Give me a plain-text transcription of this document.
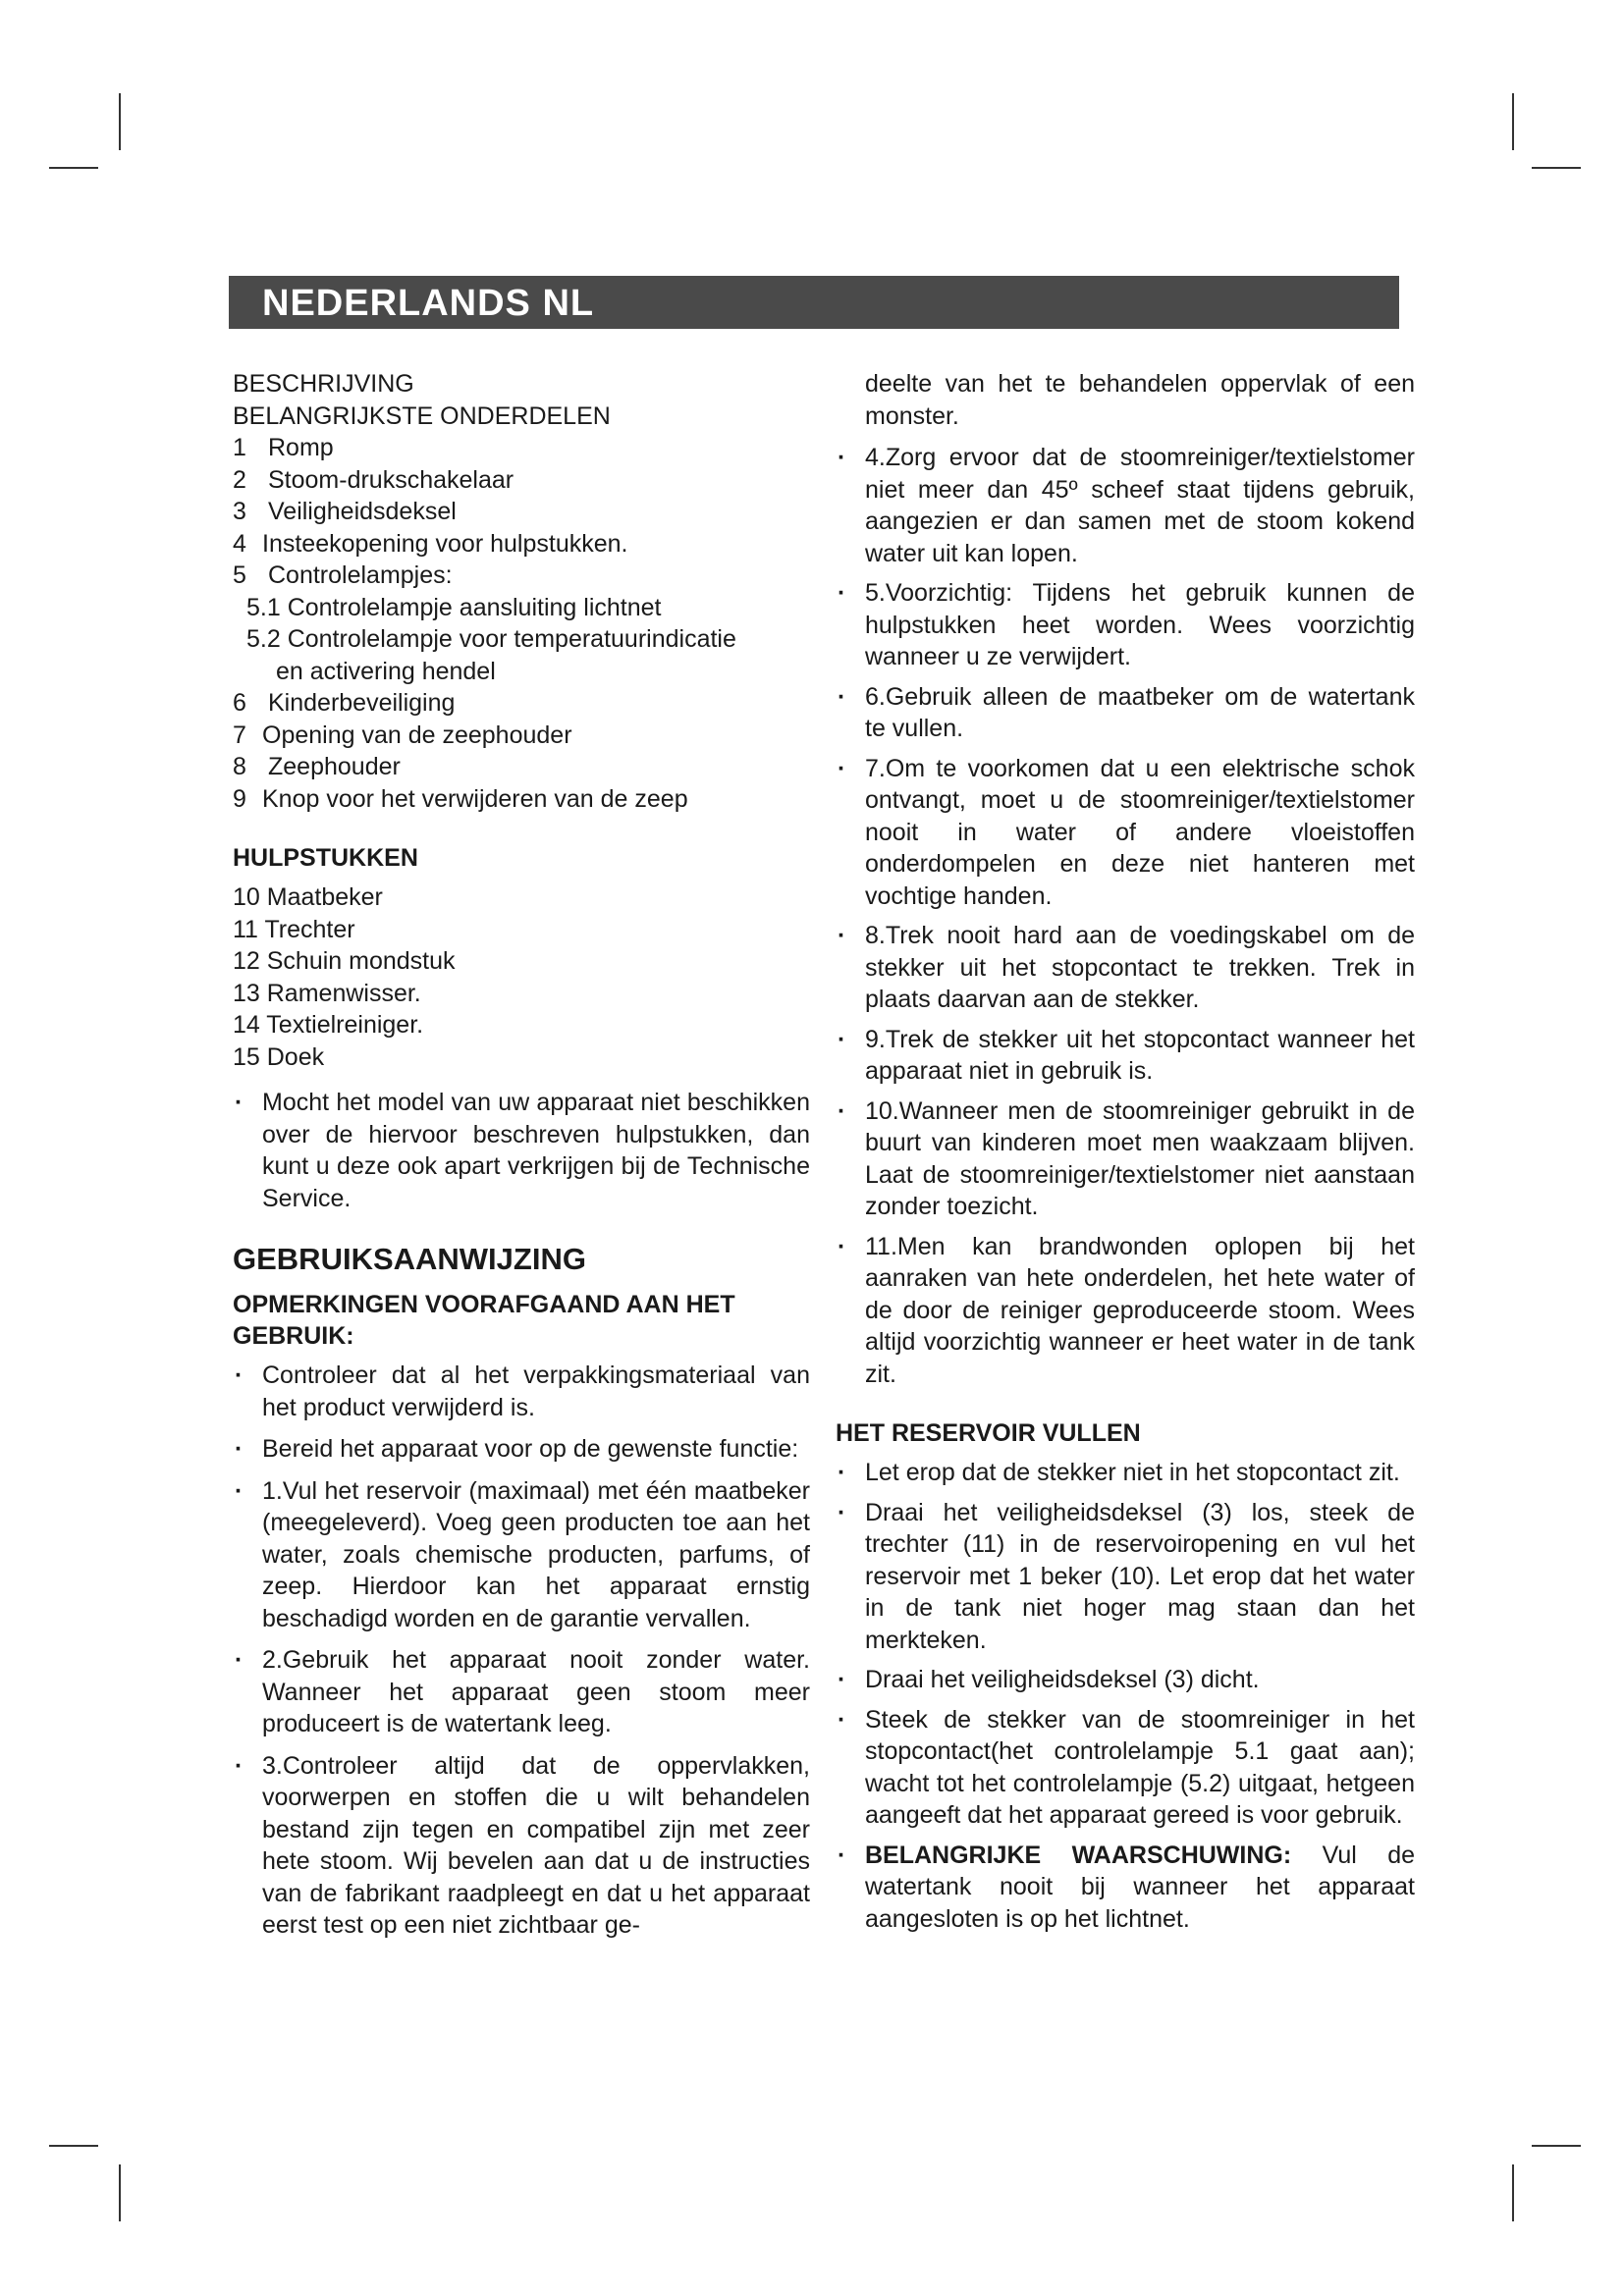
NEDERLANDS NL

BESCHRIJVING

BELANGRIJKSTE ONDERDELEN

1 Romp

2 Stoom-drukschakelaar

3 Veiligheidsdeksel

4 Insteekopening voor hulpstukken.

5 Controlelampjes:

5.1 Controlelampje aansluiting lichtnet

5.2 Controlelampje voor temperatuurindicatie

en activering hendel

6 Kinderbeveiliging

7 Opening van de zeephouder

8 Zeephouder

9 Knop voor het verwijderen van de zeep

HULPSTUKKEN

10 Maatbeker

11 Trechter

12 Schuin mondstuk

13 Ramenwisser.

14 Textielreiniger.

15 Doek

· Mocht het model van uw apparaat niet beschikken over de hiervoor beschreven hulpstukken, dan kunt u deze ook apart verkrijgen bij de Technische Service.
GEBRUIKSAANWIJZING
OPMERKINGEN VOORAFGAAND AAN HET GEBRUIK:
· Controleer dat al het verpakkingsmateriaal van het product verwijderd is.
· Bereid het apparaat voor op de gewenste functie:
· 1.Vul het reservoir (maximaal) met één maatbeker (meegeleverd). Voeg geen producten toe aan het water, zoals chemische producten, parfums, of zeep. Hierdoor kan het apparaat ernstig beschadigd worden en de garantie vervallen.
· 2.Gebruik het apparaat nooit zonder water. Wanneer het apparaat geen stoom meer produceert is de watertank leeg.
· 3.Controleer altijd dat de oppervlakken, voorwerpen en stoffen die u wilt behandelen bestand zijn tegen en compatibel zijn met zeer hete stoom. Wij bevelen aan dat u de instructies van de fabrikant raadpleegt en dat u het apparaat eerst test op een niet zichtbaar ge-

deelte van het te behandelen oppervlak of een monster.

· 4.Zorg ervoor dat de stoomreiniger/textielstomer niet meer dan 45º scheef staat tijdens gebruik, aangezien er dan samen met de stoom kokend water uit kan lopen.
· 5.Voorzichtig: Tijdens het gebruik kunnen de hulpstukken heet worden. Wees voorzichtig wanneer u ze verwijdert.
· 6.Gebruik alleen de maatbeker om de watertank te vullen.
· 7.Om te voorkomen dat u een elektrische schok ontvangt, moet u de stoomreiniger/textielstomer nooit in water of andere vloeistoffen onderdompelen en deze niet hanteren met vochtige handen.
· 8.Trek nooit hard aan de voedingskabel om de stekker uit het stopcontact te trekken. Trek in plaats daarvan aan de stekker.
· 9.Trek de stekker uit het stopcontact wanneer het apparaat niet in gebruik is.
· 10.Wanneer men de stoomreiniger gebruikt in de buurt van kinderen moet men waakzaam blijven. Laat de stoomreiniger/textielstomer niet aanstaan zonder toezicht.
· 11.Men kan brandwonden oplopen bij het aanraken van hete onderdelen, het hete water of de door de reiniger geproduceerde stoom. Wees altijd voorzichtig wanneer er heet water in de tank zit.
HET RESERVOIR VULLEN
· Let erop dat de stekker niet in het stopcontact zit.
· Draai het veiligheidsdeksel (3) los, steek de trechter (11) in de reservoiropening en vul het reservoir met 1 beker (10). Let erop dat het water in de tank niet hoger mag staan dan het merkteken.
· Draai het veiligheidsdeksel (3) dicht.
· Steek de stekker van de stoomreiniger in het stopcontact(het controlelampje 5.1 gaat aan); wacht tot het controlelampje (5.2) uitgaat, hetgeen aangeeft dat het apparaat gereed is voor gebruik.
· BELANGRIJKE WAARSCHUWING: Vul de watertank nooit bij wanneer het apparaat aangesloten is op het lichtnet.
